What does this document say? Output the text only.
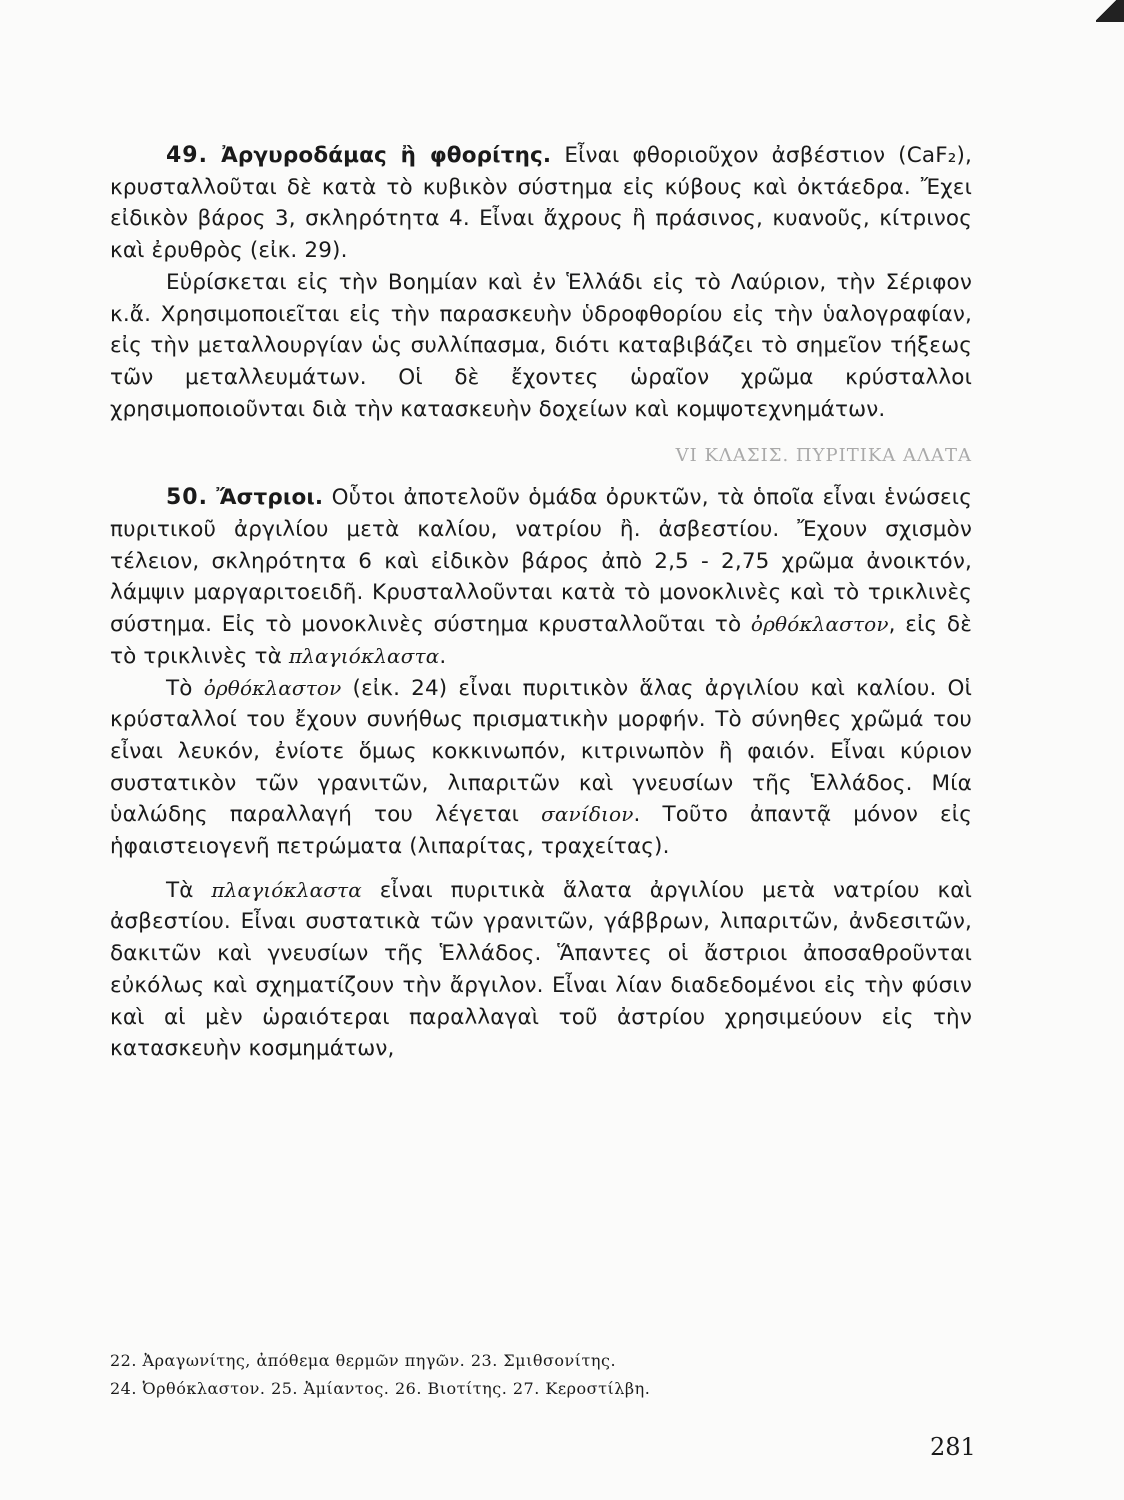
49. Ἀργυροδάμας ἢ φθορίτης. Εἶναι φθοριοῦχον ἀσβέστιον (CaF₂), κρυσταλλοῦται δὲ κατὰ τὸ κυβικὸν σύστημα εἰς κύβους καὶ ὀκτάεδρα. Ἔχει εἰδικὸν βάρος 3, σκληρότητα 4. Εἶναι ἄχρους ἢ πράσινος, κυανοῦς, κίτρινος καὶ ἐρυθρὸς (εἰκ. 29).

Εὑρίσκεται εἰς τὴν Βοημίαν καὶ ἐν Ἑλλάδι εἰς τὸ Λαύριον, τὴν Σέριφον κ.ἄ. Χρησιμοποιεῖται εἰς τὴν παρασκευὴν ὑδροφθορίου εἰς τὴν ὑαλογραφίαν, εἰς τὴν μεταλλουργίαν ὡς συλλίπασμα, διότι καταβιβάζει τὸ σημεῖον τήξεως τῶν μεταλλευμάτων. Οἱ δὲ ἔχοντες ὡραῖον χρῶμα κρύσταλλοι χρησιμοποιοῦνται διὰ τὴν κατασκευὴν δοχείων καὶ κομψοτεχνημάτων.

VI ΚΛΑΣΙΣ. ΠΥΡΙΤΙΚΑ ΑΛΑΤΑ

50. Ἄστριοι. Οὗτοι ἀποτελοῦν ὁμάδα ὀρυκτῶν, τὰ ὁποῖα εἶναι ἑνώσεις πυριτικοῦ ἀργιλίου μετὰ καλίου, νατρίου ἢ. ἀσβεστίου. Ἔχουν σχισμὸν τέλειον, σκληρότητα 6 καὶ εἰδικὸν βάρος ἀπὸ 2,5 - 2,75 χρῶμα ἀνοικτόν, λάμψιν μαργαριτοειδῆ. Κρυσταλλοῦνται κατὰ τὸ μονοκλινὲς καὶ τὸ τρικλινὲς σύστημα. Εἰς τὸ μονοκλινὲς σύστημα κρυσταλλοῦται τὸ ὀρθόκλαστον, εἰς δὲ τὸ τρικλινὲς τὰ πλαγιόκλαστα.

Τὸ ὀρθόκλαστον (εἰκ. 24) εἶναι πυριτικὸν ἅλας ἀργιλίου καὶ καλίου. Οἱ κρύσταλλοί του ἔχουν συνήθως πρισματικὴν μορφήν. Τὸ σύνηθες χρῶμά του εἶναι λευκόν, ἐνίοτε ὅμως κοκκινωπόν, κιτρινωπὸν ἢ φαιόν. Εἶναι κύριον συστατικὸν τῶν γρανιτῶν, λιπαριτῶν καὶ γνευσίων τῆς Ἑλλάδος. Μία ὑαλώδης παραλλαγή του λέγεται σανίδιον. Τοῦτο ἀπαντᾷ μόνον εἰς ἡφαιστειογενῆ πετρώματα (λιπαρίτας, τραχείτας).

Τὰ πλαγιόκλαστα εἶναι πυριτικὰ ἅλατα ἀργιλίου μετὰ νατρίου καὶ ἀσβεστίου. Εἶναι συστατικὰ τῶν γρανιτῶν, γάββρων, λιπαριτῶν, ἀνδεσιτῶν, δακιτῶν καὶ γνευσίων τῆς Ἑλλάδος. Ἅπαντες οἱ ἄστριοι ἀποσαθροῦνται εὐκόλως καὶ σχηματίζουν τὴν ἄργιλον. Εἶναι λίαν διαδεδομένοι εἰς τὴν φύσιν καὶ αἱ μὲν ὡραιότεραι παραλλαγαὶ τοῦ ἀστρίου χρησιμεύουν εἰς τὴν κατασκευὴν κοσμημάτων,

22. Ἀραγωνίτης, ἀπόθεμα θερμῶν πηγῶν. 23. Σμιθσονίτης.

24. Ὀρθόκλαστον. 25. Ἀμίαντος. 26. Βιοτίτης. 27. Κεροστίλβη.

281
